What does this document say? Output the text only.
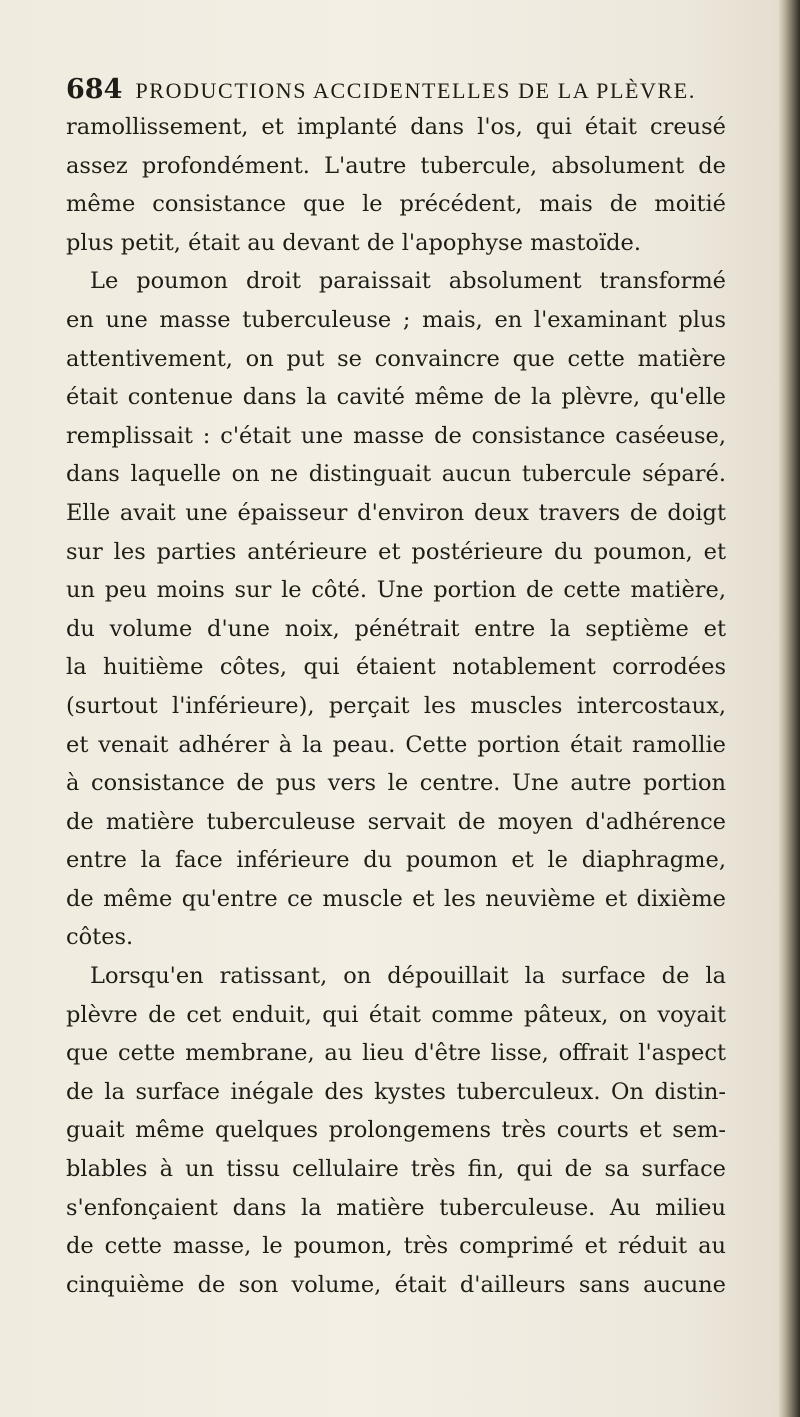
684 PRODUCTIONS ACCIDENTELLES DE LA PLÈVRE.
ramollissement, et implanté dans l'os, qui était creusé
assez profondément. L'autre tubercule, absolument de
même consistance que le précédent, mais de moitié
plus petit, était au devant de l'apophyse mastoïde.
Le poumon droit paraissait absolument transformé
en une masse tuberculeuse ; mais, en l'examinant plus
attentivement, on put se convaincre que cette matière
était contenue dans la cavité même de la plèvre, qu'elle
remplissait : c'était une masse de consistance caséeuse,
dans laquelle on ne distinguait aucun tubercule séparé.
Elle avait une épaisseur d'environ deux travers de doigt
sur les parties antérieure et postérieure du poumon, et
un peu moins sur le côté. Une portion de cette matière,
du volume d'une noix, pénétrait entre la septième et
la huitième côtes, qui étaient notablement corrodées
(surtout l'inférieure), perçait les muscles intercostaux,
et venait adhérer à la peau. Cette portion était ramollie
à consistance de pus vers le centre. Une autre portion
de matière tuberculeuse servait de moyen d'adhérence
entre la face inférieure du poumon et le diaphragme,
de même qu'entre ce muscle et les neuvième et dixième
côtes.
Lorsqu'en ratissant, on dépouillait la surface de la
plèvre de cet enduit, qui était comme pâteux, on voyait
que cette membrane, au lieu d'être lisse, offrait l'aspect
de la surface inégale des kystes tuberculeux. On distin-
guait même quelques prolongemens très courts et sem-
blables à un tissu cellulaire très fin, qui de sa surface
s'enfonçaient dans la matière tuberculeuse. Au milieu
de cette masse, le poumon, très comprimé et réduit au
cinquième de son volume, était d'ailleurs sans aucune
